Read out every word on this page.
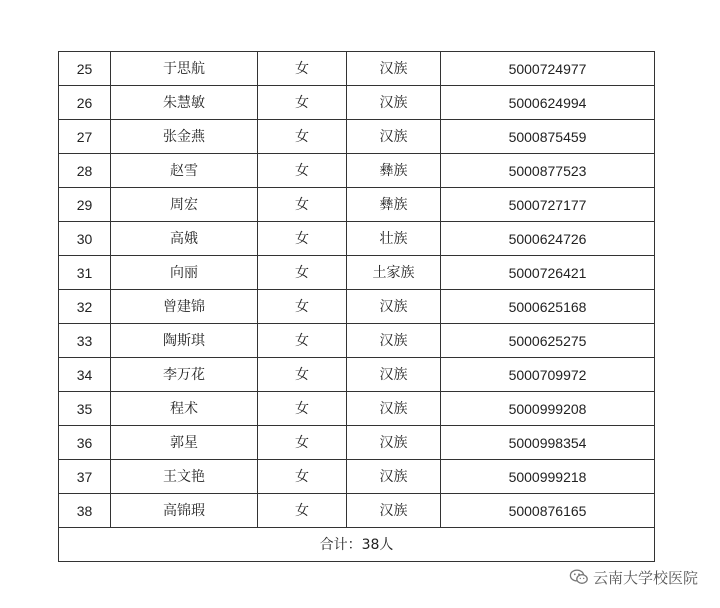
25	于思航	女	汉族	5000724977
26	朱慧敏	女	汉族	5000624994
27	张金燕	女	汉族	5000875459
28	赵雪	女	彝族	5000877523
29	周宏	女	彝族	5000727177
30	高娥	女	壮族	5000624726
31	向丽	女	土家族	5000726421
32	曾建锦	女	汉族	5000625168
33	陶斯琪	女	汉族	5000625275
34	李万花	女	汉族	5000709972
35	程术	女	汉族	5000999208
36	郭星	女	汉族	5000998354
37	王文艳	女	汉族	5000999218
38	高锦瑕	女	汉族	5000876165
合计：38人				
云南大学校医院
